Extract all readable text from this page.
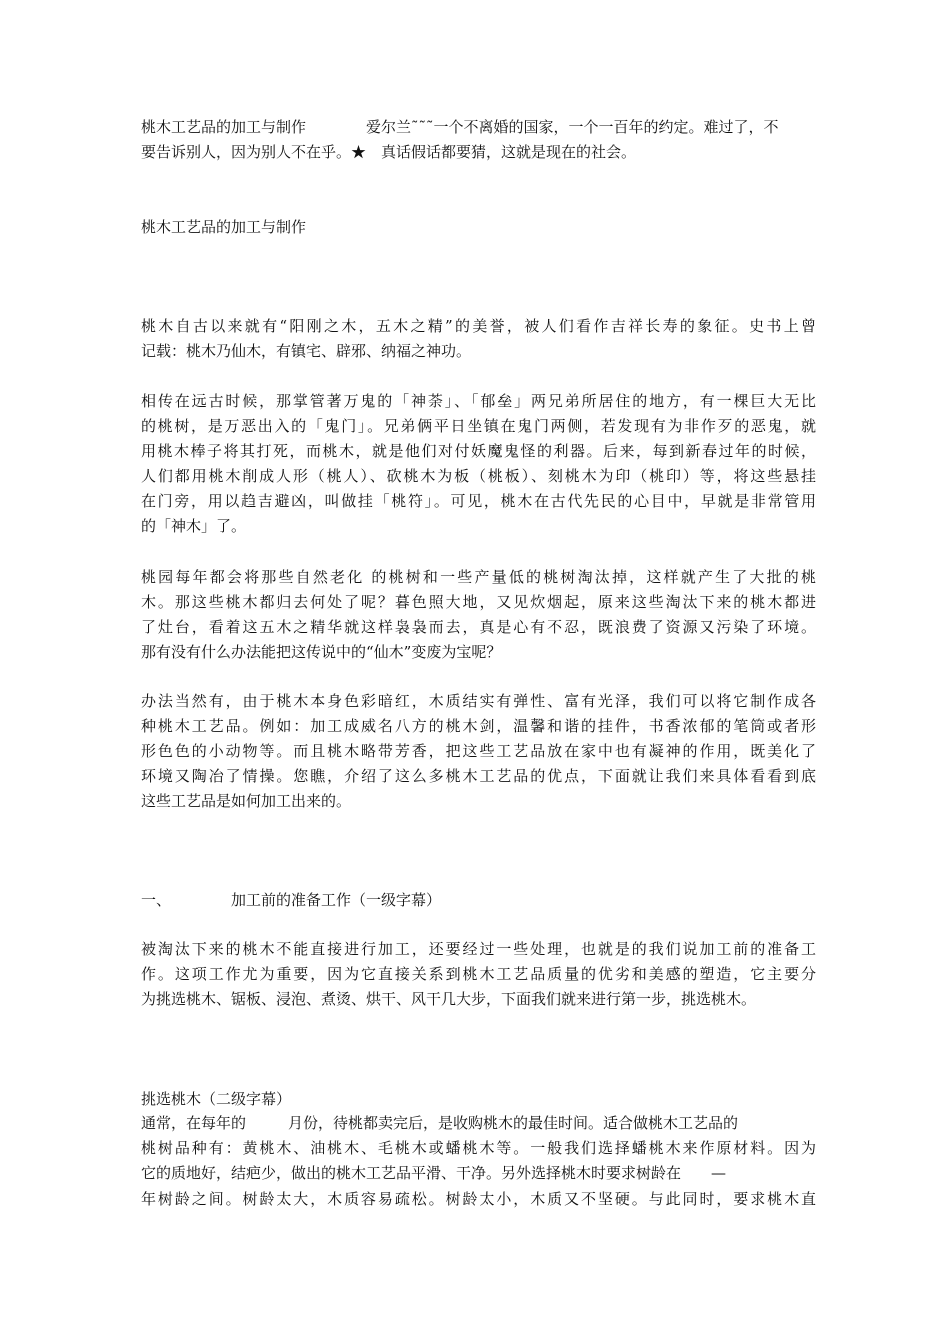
桃木工艺品的加工与制作	爱尔兰˜˜˜一个不离婚的国家，一个一百年的约定。难过了，不
要告诉别人，因为别人不在乎。★　真话假话都要猜，这就是现在的社会。
桃木工艺品的加工与制作
桃木自古以来就有“阳刚之木，五木之精”的美誉，被人们看作吉祥长寿的象征。史书上曾
记载：桃木乃仙木，有镇宅、辟邪、纳福之神功。
相传在远古时候，那掌管著万鬼的「神荼」、「郁垒」两兄弟所居住的地方，有一棵巨大无比
的桃树，是万恶出入的「鬼门」。兄弟俩平日坐镇在鬼门两侧，若发现有为非作歹的恶鬼，就
用桃木棒子将其打死，而桃木，就是他们对付妖魔鬼怪的利器。后来，每到新春过年的时候，
人们都用桃木削成人形（桃人）、砍桃木为板（桃板）、刻桃木为印（桃印）等，将这些悬挂
在门旁，用以趋吉避凶，叫做挂「桃符」。可见，桃木在古代先民的心目中，早就是非常管用
的「神木」了。
桃园每年都会将那些自然老化 的桃树和一些产量低的桃树淘汰掉，这样就产生了大批的桃
木。那这些桃木都归去何处了呢？暮色照大地，又见炊烟起，原来这些淘汰下来的桃木都进
了灶台，看着这五木之精华就这样袅袅而去，真是心有不忍，既浪费了资源又污染了环境。
那有没有什么办法能把这传说中的“仙木”变废为宝呢？
办法当然有，由于桃木本身色彩暗红，木质结实有弹性、富有光泽，我们可以将它制作成各
种桃木工艺品。例如：加工成威名八方的桃木剑，温馨和谐的挂件，书香浓郁的笔筒或者形
形色色的小动物等。而且桃木略带芳香，把这些工艺品放在家中也有凝神的作用，既美化了
环境又陶冶了情操。您瞧，介绍了这么多桃木工艺品的优点，下面就让我们来具体看看到底
这些工艺品是如何加工出来的。
一、	加工前的准备工作（一级字幕）
被淘汰下来的桃木不能直接进行加工，还要经过一些处理，也就是的我们说加工前的准备工
作。这项工作尤为重要，因为它直接关系到桃木工艺品质量的优劣和美感的塑造，它主要分
为挑选桃木、锯板、浸泡、煮烫、烘干、风干几大步，下面我们就来进行第一步，挑选桃木。
挑选桃木（二级字幕）
通常，在每年的	月份，待桃都卖完后，是收购桃木的最佳时间。适合做桃木工艺品的
桃树品种有：黄桃木、油桃木、毛桃木或蟠桃木等。一般我们选择蟠桃木来作原材料。因为
它的质地好，结疤少，做出的桃木工艺品平滑、干净。另外选择桃木时要求树龄在 —
年树龄之间。树龄太大，木质容易疏松。树龄太小，木质又不坚硬。与此同时，要求桃木直
